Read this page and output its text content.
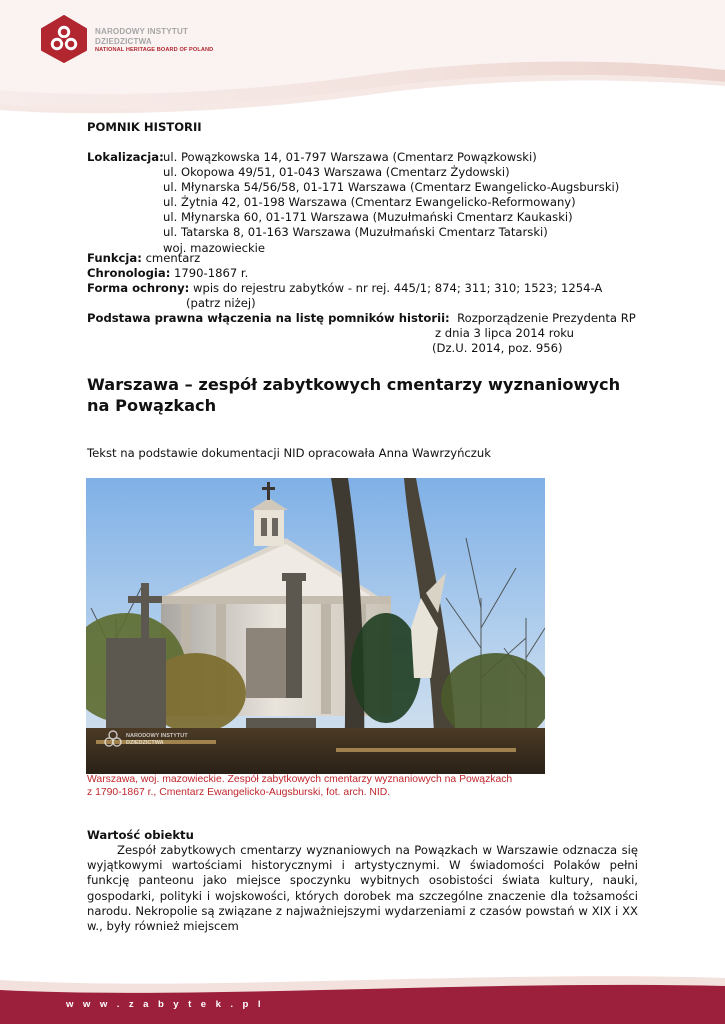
NARODOWY INSTYTUT
DZIEDZICTWA
NATIONAL HERITAGE BOARD OF POLAND
POMNIK HISTORII
Lokalizacja: ul. Powązkowska 14, 01-797 Warszawa (Cmentarz Powązkowski)
ul. Okopowa 49/51, 01-043 Warszawa (Cmentarz Żydowski)
ul. Młynarska 54/56/58, 01-171 Warszawa (Cmentarz Ewangelicko-Augsburski)
ul. Żytnia 42, 01-198 Warszawa (Cmentarz Ewangelicko-Reformowany)
ul. Młynarska 60, 01-171 Warszawa (Muzułmański Cmentarz Kaukaski)
ul. Tatarska 8, 01-163 Warszawa (Muzułmański Cmentarz Tatarski)
woj. mazowieckie
Funkcja: cmentarz
Chronologia: 1790-1867 r.
Forma ochrony: wpis do rejestru zabytków - nr rej. 445/1; 874; 311; 310; 1523; 1254-A
(patrz niżej)
Podstawa prawna włączenia na listę pomników historii: Rozporządzenie Prezydenta RP
z dnia 3 lipca 2014 roku
(Dz.U. 2014, poz. 956)
Warszawa – zespół zabytkowych cmentarzy wyznaniowych na Powązkach
Tekst na podstawie dokumentacji NID opracowała Anna Wawrzyńczuk
NARODOWY INSTYTUT
DZIEDZICTWA
Warszawa, woj. mazowieckie. Zespół zabytkowych cmentarzy wyznaniowych na Powązkach
z 1790-1867 r., Cmentarz Ewangelicko-Augsburski, fot. arch. NID.
Wartość obiektu

Zespół zabytkowych cmentarzy wyznaniowych na Powązkach w Warszawie odznacza się wyjątkowymi wartościami historycznymi i artystycznymi. W świadomości Polaków pełni funkcję panteonu jako miejsce spoczynku wybitnych osobistości świata kultury, nauki, gospodarki, polityki i wojskowości, których dorobek ma szczególne znaczenie dla tożsamości narodu. Nekropolie są związane z najważniejszymi wydarzeniami z czasów powstań w XIX i XX w., były również miejscem

w w w . z a b y t e k . p l
